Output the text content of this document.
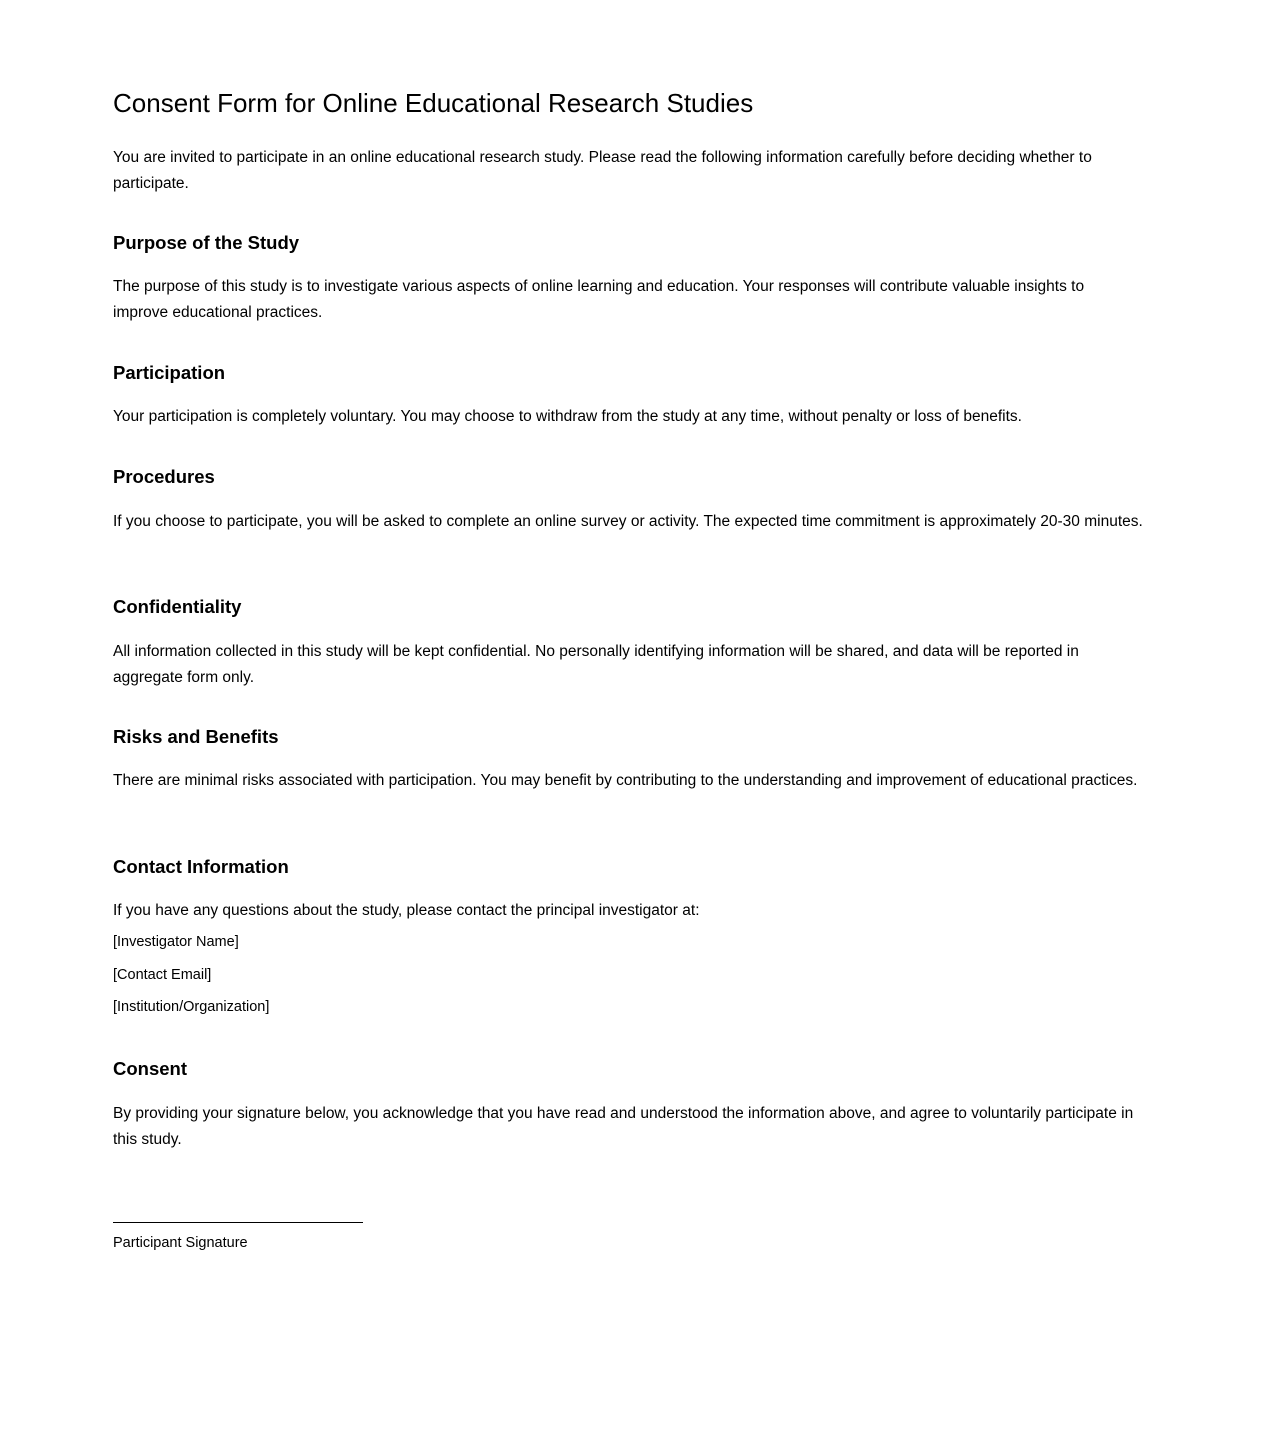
Consent Form for Online Educational Research Studies

You are invited to participate in an online educational research study. Please read the following information carefully before deciding whether to participate.

Purpose of the Study

The purpose of this study is to investigate various aspects of online learning and education. Your responses will contribute valuable insights to improve educational practices.

Participation

Your participation is completely voluntary. You may choose to withdraw from the study at any time, without penalty or loss of benefits.

Procedures

If you choose to participate, you will be asked to complete an online survey or activity. The expected time commitment is approximately 20-30 minutes.

Confidentiality

All information collected in this study will be kept confidential. No personally identifying information will be shared, and data will be reported in aggregate form only.

Risks and Benefits

There are minimal risks associated with participation. You may benefit by contributing to the understanding and improvement of educational practices.

Contact Information

If you have any questions about the study, please contact the principal investigator at:

[Investigator Name]

[Contact Email]

[Institution/Organization]

Consent

By providing your signature below, you acknowledge that you have read and understood the information above, and agree to voluntarily participate in this study.

Participant Signature
